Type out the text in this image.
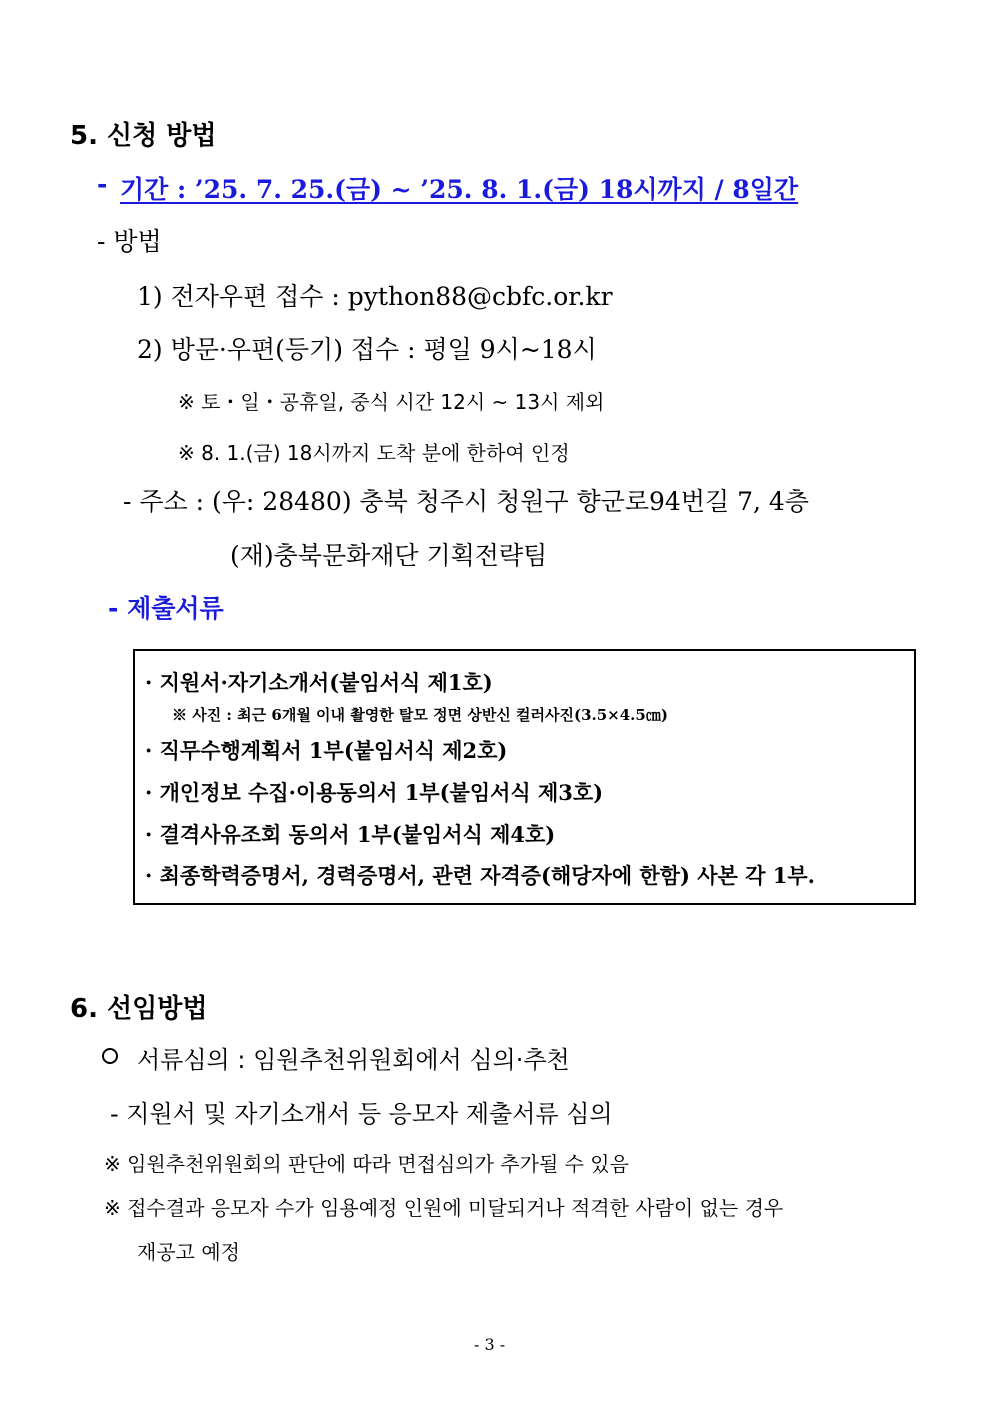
5. 신청 방법
- 기간 : ’25. 7. 25.(금) ~ ’25. 8. 1.(금) 18시까지 / 8일간
- 방법
1) 전자우편 접수 : python88@cbfc.or.kr
2) 방문·우편(등기) 접수 : 평일 9시~18시
※ 토・일・공휴일, 중식 시간 12시 ~ 13시 제외
※ 8. 1.(금) 18시까지 도착 분에 한하여 인정
- 주소 : (우: 28480) 충북 청주시 청원구 향군로94번길 7, 4층
(재)충북문화재단 기획전략팀
- 제출서류
· 지원서·자기소개서(붙임서식 제1호)
※ 사진 : 최근 6개월 이내 촬영한 탈모 정면 상반신 컬러사진(3.5×4.5㎝)
· 직무수행계획서 1부(붙임서식 제2호)
· 개인정보 수집·이용동의서 1부(붙임서식 제3호)
· 결격사유조회 동의서 1부(붙임서식 제4호)
· 최종학력증명서, 경력증명서, 관련 자격증(해당자에 한함) 사본 각 1부.
6. 선임방법
서류심의 : 임원추천위원회에서 심의·추천
- 지원서 및 자기소개서 등 응모자 제출서류 심의
※ 임원추천위원회의 판단에 따라 면접심의가 추가될 수 있음
※ 접수결과 응모자 수가 임용예정 인원에 미달되거나 적격한 사람이 없는 경우
재공고 예정
- 3 -
